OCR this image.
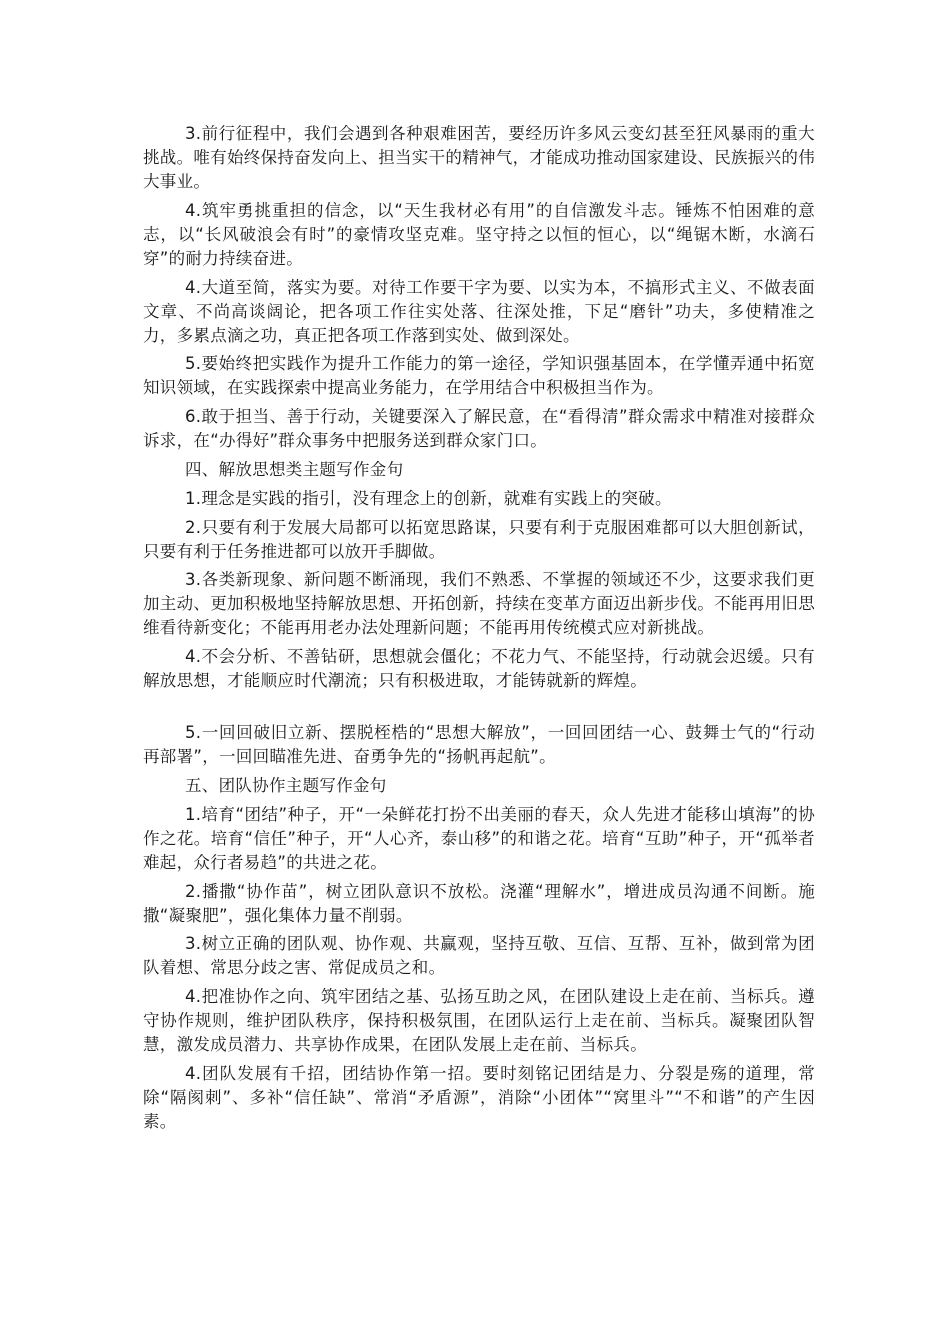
3.前行征程中，我们会遇到各种艰难困苦，要经历许多风云变幻甚至狂风暴雨的重大挑战。唯有始终保持奋发向上、担当实干的精神气，才能成功推动国家建设、民族振兴的伟大事业。

4.筑牢勇挑重担的信念，以“天生我材必有用”的自信激发斗志。锤炼不怕困难的意志，以“长风破浪会有时”的豪情攻坚克难。坚守持之以恒的恒心，以“绳锯木断，水滴石穿”的耐力持续奋进。

4.大道至简，落实为要。对待工作要干字为要、以实为本，不搞形式主义、不做表面文章、不尚高谈阔论，把各项工作往实处落、往深处推，下足“磨针”功夫，多使精准之力，多累点滴之功，真正把各项工作落到实处、做到深处。

5.要始终把实践作为提升工作能力的第一途径，学知识强基固本，在学懂弄通中拓宽知识领域，在实践探索中提高业务能力，在学用结合中积极担当作为。

6.敢于担当、善于行动，关键要深入了解民意，在“看得清”群众需求中精准对接群众诉求，在“办得好”群众事务中把服务送到群众家门口。

四、解放思想类主题写作金句

1.理念是实践的指引，没有理念上的创新，就难有实践上的突破。

2.只要有利于发展大局都可以拓宽思路谋，只要有利于克服困难都可以大胆创新试，只要有利于任务推进都可以放开手脚做。

3.各类新现象、新问题不断涌现，我们不熟悉、不掌握的领域还不少，这要求我们更加主动、更加积极地坚持解放思想、开拓创新，持续在变革方面迈出新步伐。不能再用旧思维看待新变化；不能再用老办法处理新问题；不能再用传统模式应对新挑战。

4.不会分析、不善钻研，思想就会僵化；不花力气、不能坚持，行动就会迟缓。只有解放思想，才能顺应时代潮流；只有积极进取，才能铸就新的辉煌。

5.一回回破旧立新、摆脱桎梏的“思想大解放”，一回回团结一心、鼓舞士气的“行动再部署”，一回回瞄准先进、奋勇争先的“扬帆再起航”。

五、团队协作主题写作金句

1.培育“团结”种子，开“一朵鲜花打扮不出美丽的春天，众人先进才能移山填海”的协作之花。培育“信任”种子，开“人心齐，泰山移”的和谐之花。培育“互助”种子，开“孤举者难起，众行者易趋”的共进之花。

2.播撒“协作苗”，树立团队意识不放松。浇灌“理解水”，增进成员沟通不间断。施撒“凝聚肥”，强化集体力量不削弱。

3.树立正确的团队观、协作观、共赢观，坚持互敬、互信、互帮、互补，做到常为团队着想、常思分歧之害、常促成员之和。

4.把准协作之向、筑牢团结之基、弘扬互助之风，在团队建设上走在前、当标兵。遵守协作规则，维护团队秩序，保持积极氛围，在团队运行上走在前、当标兵。凝聚团队智慧，激发成员潜力、共享协作成果，在团队发展上走在前、当标兵。

4.团队发展有千招，团结协作第一招。要时刻铭记团结是力、分裂是殇的道理，常除“隔阂刺”、多补“信任缺”、常消“矛盾源”，消除“小团体”“窝里斗”“不和谐”的产生因素。
